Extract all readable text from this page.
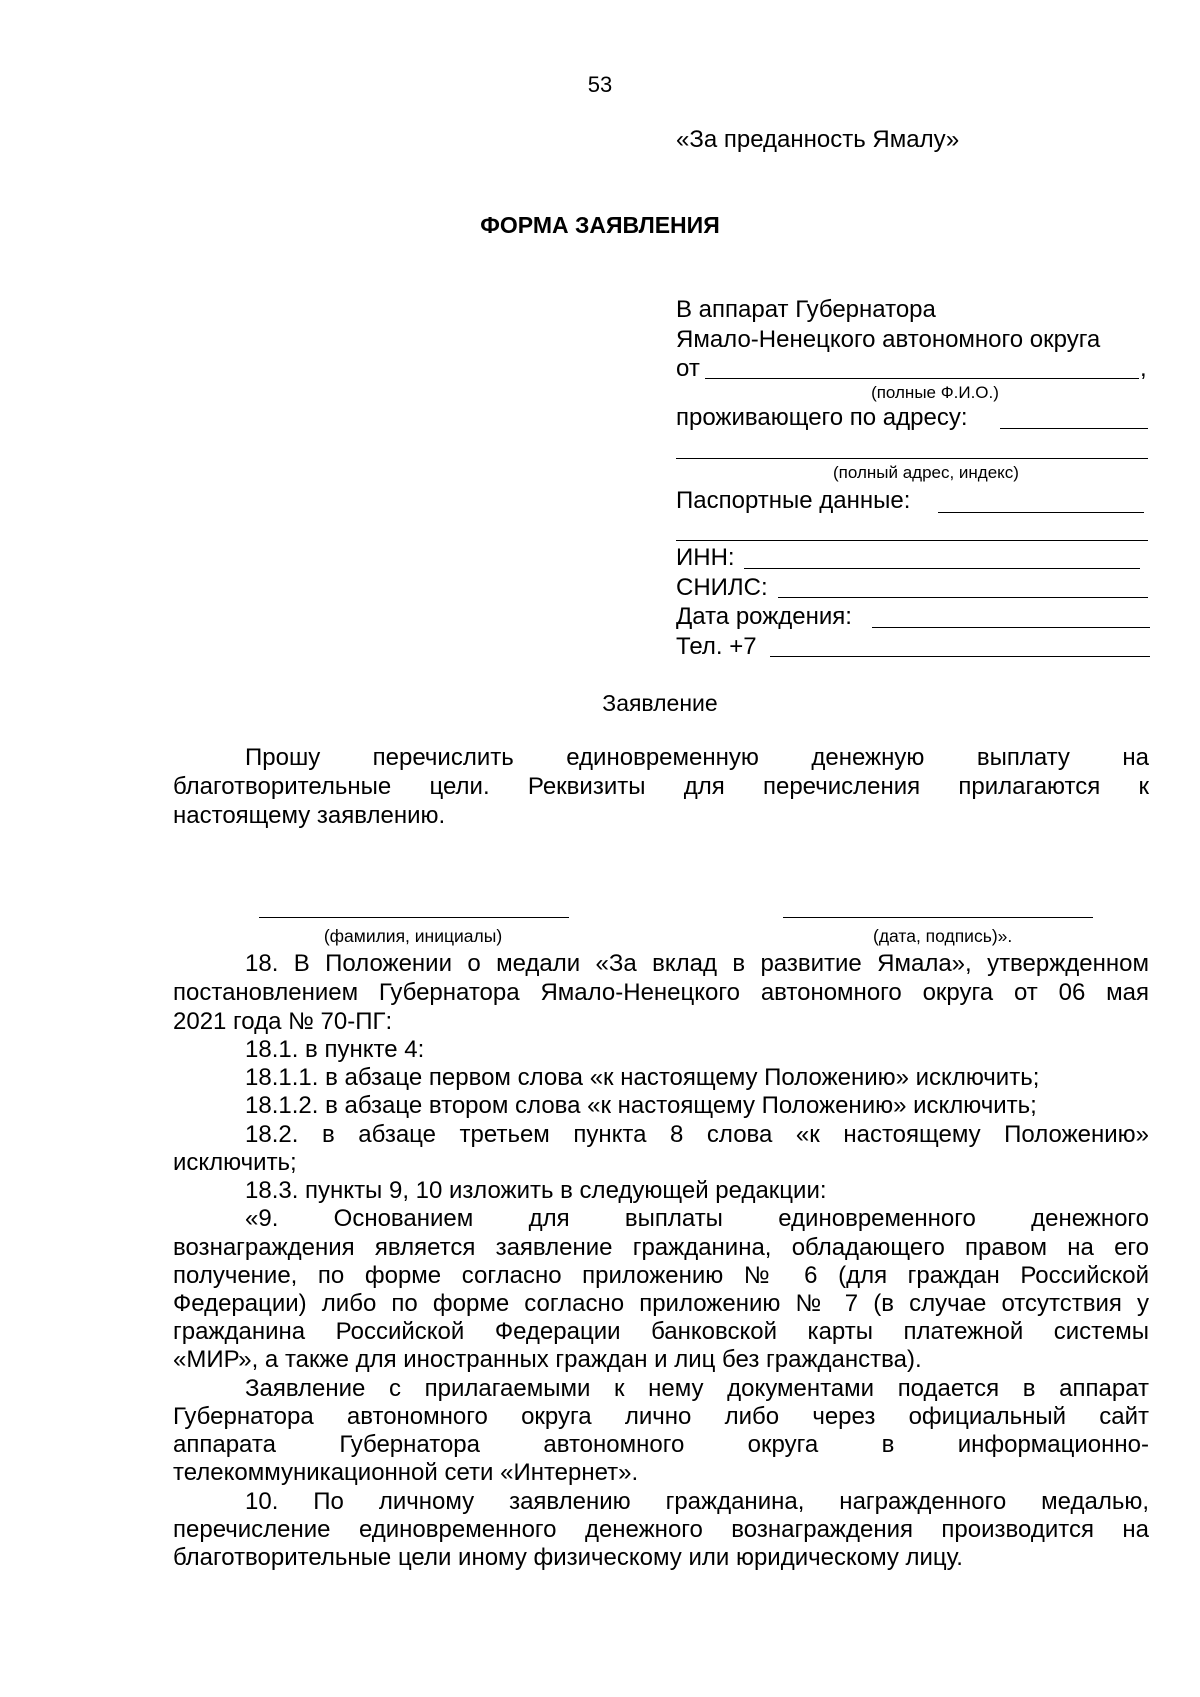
53
«За преданность Ямалу»
ФОРМА ЗАЯВЛЕНИЯ
В аппарат Губернатора
Ямало-Ненецкого автономного округа
от	,
(полные Ф.И.О.)
проживающего по адресу:
(полный адрес, индекс)
Паспортные данные:
ИНН:
СНИЛС:
Дата рождения:
Тел. +7
Заявление
Прошу перечислить единовременную денежную выплату на
благотворительные цели. Реквизиты для перечисления прилагаются к
настоящему заявлению.
(фамилия, инициалы)	(дата, подпись)».
18. В Положении о медали «За вклад в развитие Ямала», утвержденном
постановлением Губернатора Ямало-Ненецкого автономного округа от 06 мая
2021 года № 70-ПГ:
18.1. в пункте 4:
18.1.1. в абзаце первом слова «к настоящему Положению» исключить;
18.1.2. в абзаце втором слова «к настоящему Положению» исключить;
18.2. в абзаце третьем пункта 8 слова «к настоящему Положению»
исключить;
18.3. пункты 9, 10 изложить в следующей редакции:
«9. Основанием для выплаты единовременного денежного
вознаграждения является заявление гражданина, обладающего правом на его
получение, по форме согласно приложению № 6 (для граждан Российской
Федерации) либо по форме согласно приложению № 7 (в случае отсутствия у
гражданина Российской Федерации банковской карты платежной системы
«МИР», а также для иностранных граждан и лиц без гражданства).
Заявление с прилагаемыми к нему документами подается в аппарат
Губернатора автономного округа лично либо через официальный сайт
аппарата Губернатора автономного округа в информационно-
телекоммуникационной сети «Интернет».
10. По личному заявлению гражданина, награжденного медалью,
перечисление единовременного денежного вознаграждения производится на
благотворительные цели иному физическому или юридическому лицу.
